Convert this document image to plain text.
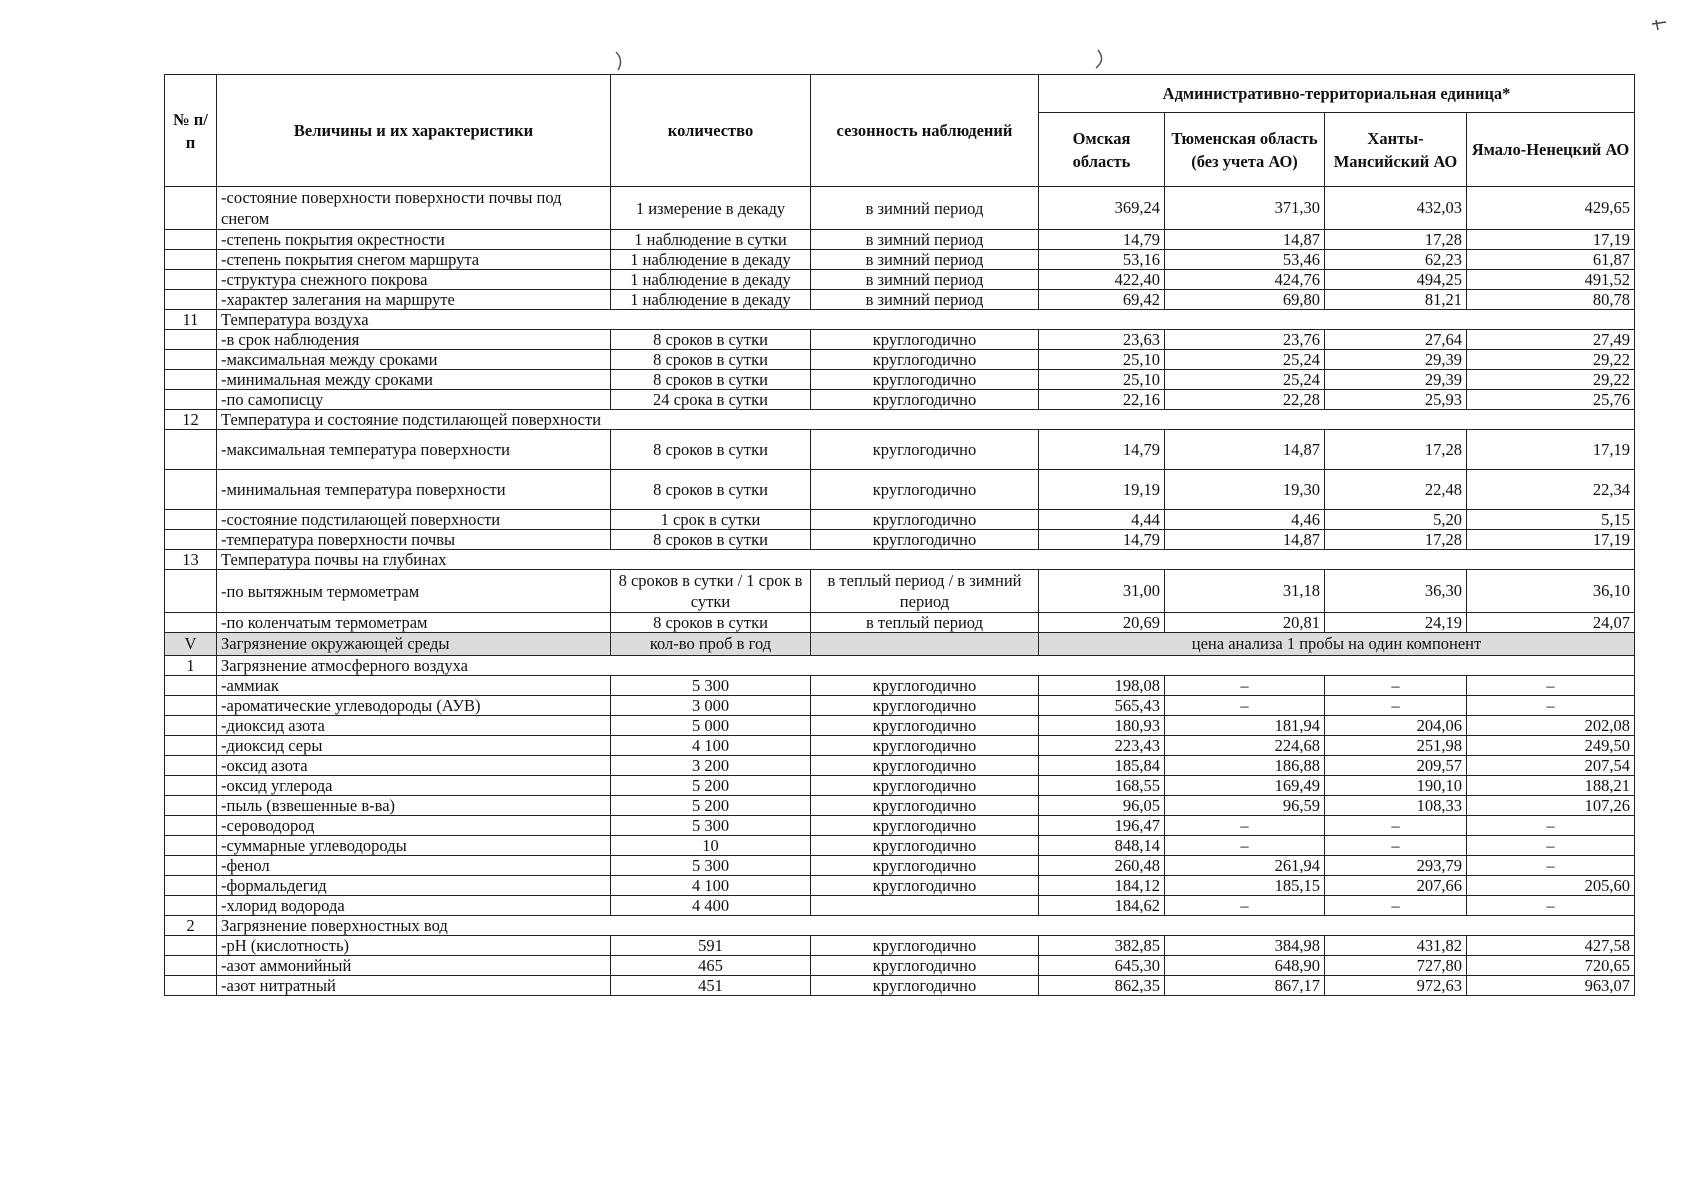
№ п/п	Величины и их характеристики	количество	сезонность наблюдений	Административно-территориальная единица*			
				Омская область	Тюменская область (без учета АО)	Ханты-Мансийский АО	Ямало-Ненецкий АО
	-состояние поверхности поверхности почвы под снегом	1 измерение в декаду	в зимний период	369,24	371,30	432,03	429,65
	-степень покрытия окрестности	1 наблюдение в сутки	в зимний период	14,79	14,87	17,28	17,19
	-степень покрытия снегом маршрута	1 наблюдение в декаду	в зимний период	53,16	53,46	62,23	61,87
	-структура снежного покрова	1 наблюдение в декаду	в зимний период	422,40	424,76	494,25	491,52
	-характер залегания на маршруте	1 наблюдение в декаду	в зимний период	69,42	69,80	81,21	80,78
11	Температура воздуха						
	-в срок наблюдения	8 сроков в сутки	круглогодично	23,63	23,76	27,64	27,49
	-максимальная между сроками	8 сроков в сутки	круглогодично	25,10	25,24	29,39	29,22
	-минимальная между сроками	8 сроков в сутки	круглогодично	25,10	25,24	29,39	29,22
	-по самописцу	24 срока в сутки	круглогодично	22,16	22,28	25,93	25,76
12	Температура и состояние подстилающей поверхности						
	-максимальная температура поверхности	8 сроков в сутки	круглогодично	14,79	14,87	17,28	17,19
	-минимальная температура поверхности	8 сроков в сутки	круглогодично	19,19	19,30	22,48	22,34
	-состояние подстилающей поверхности	1 срок в сутки	круглогодично	4,44	4,46	5,20	5,15
	-температура поверхности почвы	8 сроков в сутки	круглогодично	14,79	14,87	17,28	17,19
13	Температура почвы на глубинах						
	-по вытяжным термометрам	8 сроков в сутки / 1 срок в сутки	в теплый период / в зимний период	31,00	31,18	36,30	36,10
	-по коленчатым термометрам	8 сроков в сутки	в теплый период	20,69	20,81	24,19	24,07
V	Загрязнение окружающей среды	кол-во проб в год		цена анализа 1 пробы на один компонент			
1	Загрязнение атмосферного воздуха						
	-аммиак	5 300	круглогодично	198,08	–	–	–
	-ароматические углеводороды (АУВ)	3 000	круглогодично	565,43	–	–	–
	-диоксид азота	5 000	круглогодично	180,93	181,94	204,06	202,08
	-диоксид серы	4 100	круглогодично	223,43	224,68	251,98	249,50
	-оксид азота	3 200	круглогодично	185,84	186,88	209,57	207,54
	-оксид углерода	5 200	круглогодично	168,55	169,49	190,10	188,21
	-пыль (взвешенные в-ва)	5 200	круглогодично	96,05	96,59	108,33	107,26
	-сероводород	5 300	круглогодично	196,47	–	–	–
	-суммарные углеводороды	10	круглогодично	848,14	–	–	–
	-фенол	5 300	круглогодично	260,48	261,94	293,79	–
	-формальдегид	4 100	круглогодично	184,12	185,15	207,66	205,60
	-хлорид водорода	4 400		184,62	–	–	–
2	Загрязнение поверхностных вод						
	-pH (кислотность)	591	круглогодично	382,85	384,98	431,82	427,58
	-азот аммонийный	465	круглогодично	645,30	648,90	727,80	720,65
	-азот нитратный	451	круглогодично	862,35	867,17	972,63	963,07
